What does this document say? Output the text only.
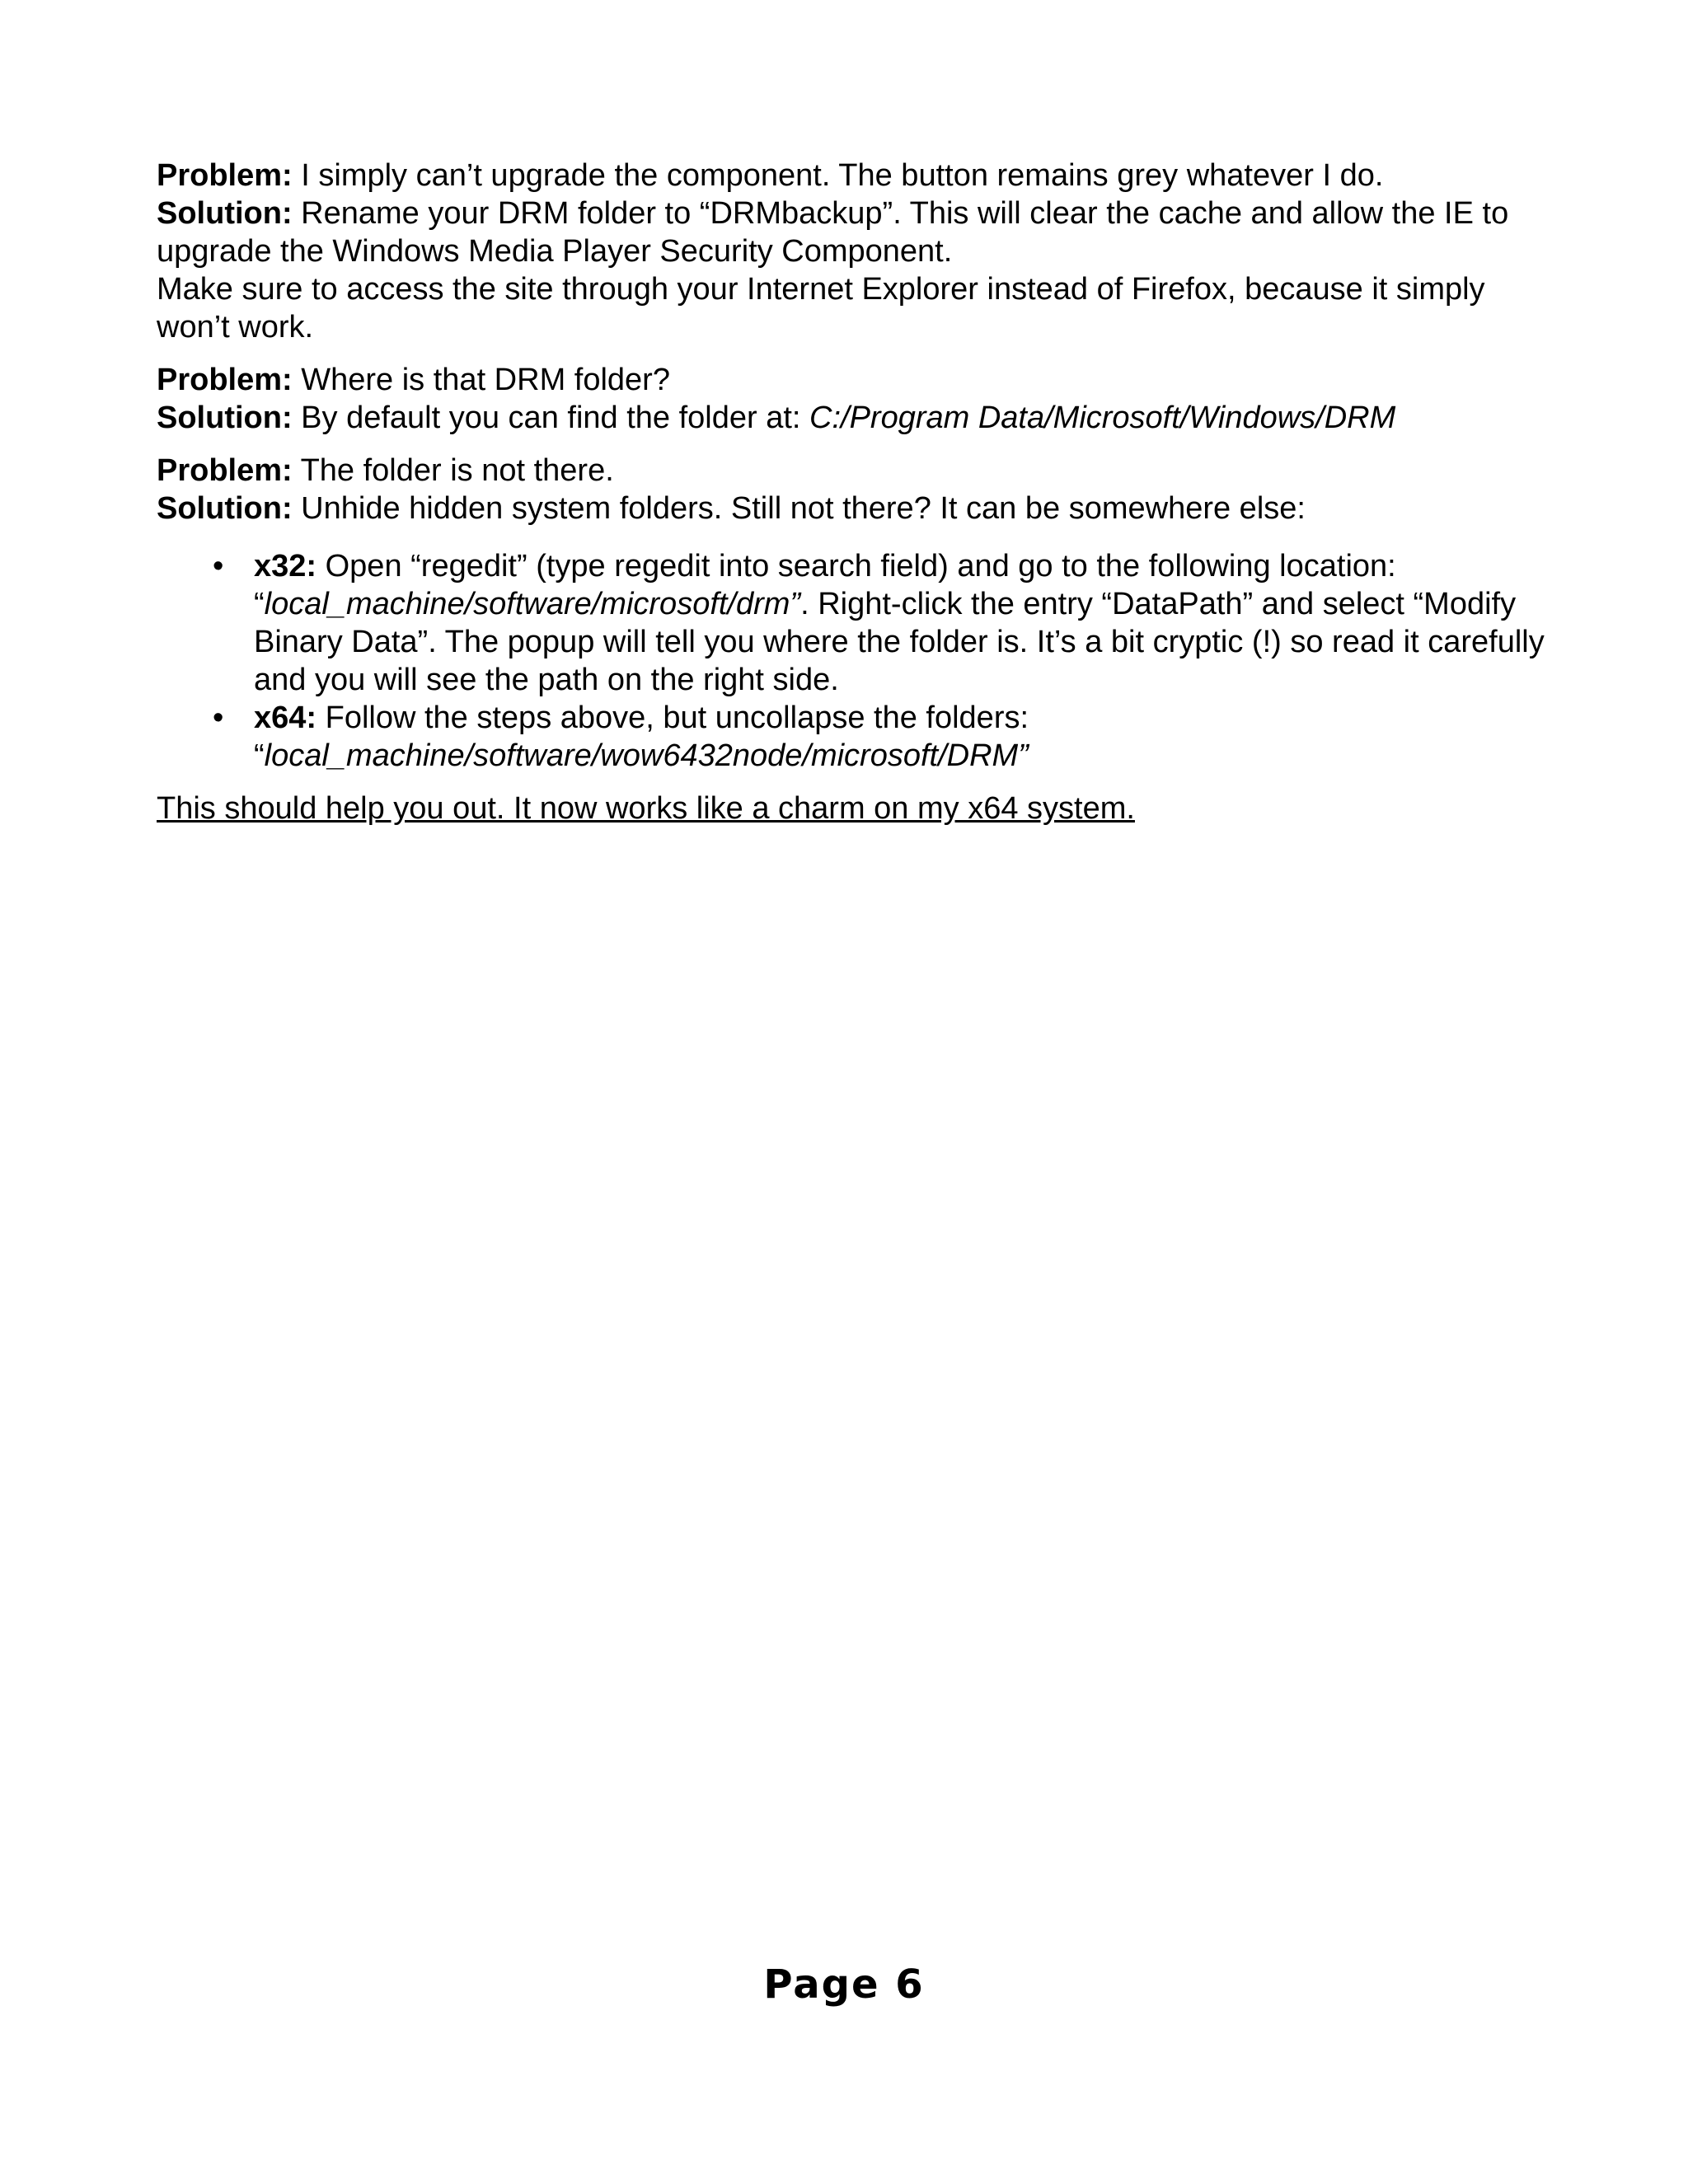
Problem: I simply can’t upgrade the component. The button remains grey whatever I do.

Solution: Rename your DRM folder to “DRMbackup”. This will clear the cache and allow the IE to upgrade the Windows Media Player Security Component.

Make sure to access the site through your Internet Explorer instead of Firefox, because it simply won’t work.

Problem: Where is that DRM folder?

Solution: By default you can find the folder at: C:/Program Data/Microsoft/Windows/DRM

Problem: The folder is not there.

Solution: Unhide hidden system folders. Still not there? It can be somewhere else:

• x32: Open “regedit” (type regedit into search field) and go to the following location: “local_machine/software/microsoft/drm”. Right-click the entry “DataPath” and select “Modify Binary Data”. The popup will tell you where the folder is. It’s a bit cryptic (!) so read it carefully and you will see the path on the right side.
• x64: Follow the steps above, but uncollapse the folders: “local_machine/software/wow6432node/microsoft/DRM”

This should help you out. It now works like a charm on my x64 system.

Page 6
